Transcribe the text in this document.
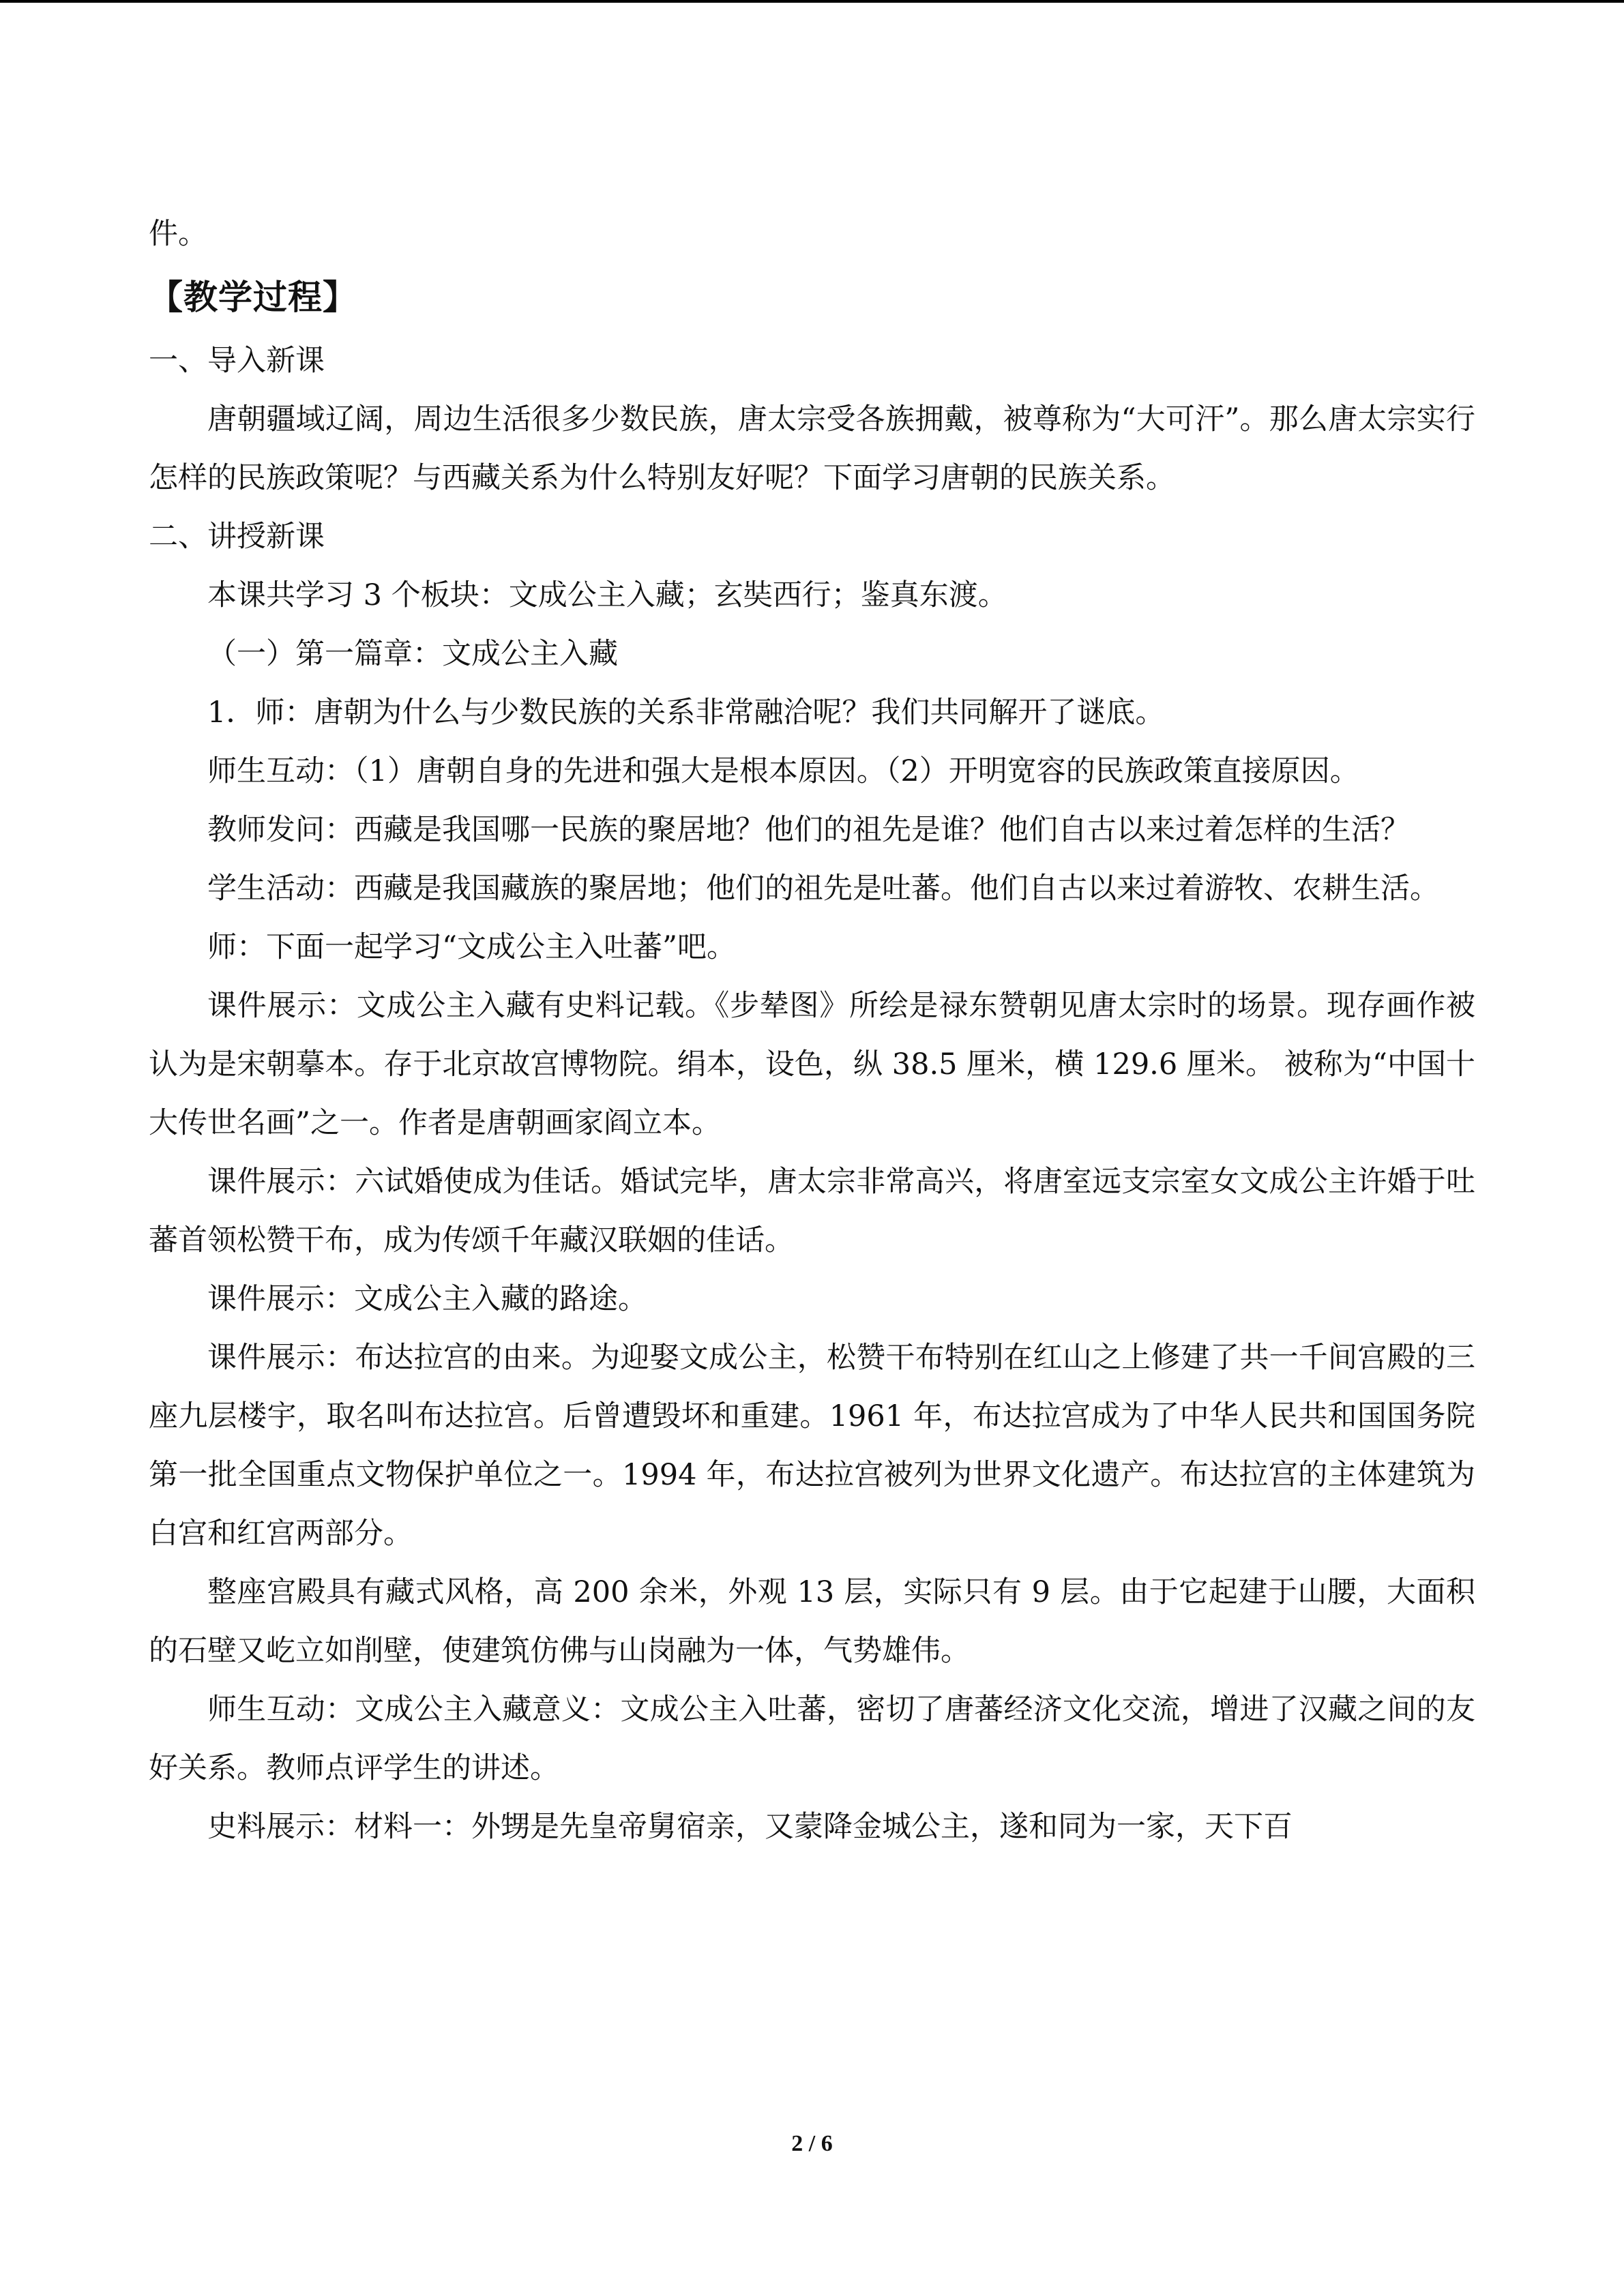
件。

【教学过程】

一、导入新课

唐朝疆域辽阔，周边生活很多少数民族，唐太宗受各族拥戴，被尊称为“大可汗”。那么唐太宗实行怎样的民族政策呢？与西藏关系为什么特别友好呢？下面学习唐朝的民族关系。

二、讲授新课

本课共学习 3 个板块：文成公主入藏；玄奘西行；鉴真东渡。

（一）第一篇章：文成公主入藏

1．师：唐朝为什么与少数民族的关系非常融洽呢？我们共同解开了谜底。

师生互动：（1）唐朝自身的先进和强大是根本原因。（2）开明宽容的民族政策直接原因。

教师发问：西藏是我国哪一民族的聚居地？他们的祖先是谁？他们自古以来过着怎样的生活？

学生活动：西藏是我国藏族的聚居地；他们的祖先是吐蕃。他们自古以来过着游牧、农耕生活。

师：下面一起学习“文成公主入吐蕃”吧。

课件展示：文成公主入藏有史料记载。《步辇图》所绘是禄东赞朝见唐太宗时的场景。现存画作被认为是宋朝摹本。存于北京故宫博物院。绢本，设色，纵 38.5 厘米，横 129.6 厘米。 被称为“中国十大传世名画”之一。作者是唐朝画家阎立本。

课件展示：六试婚使成为佳话。婚试完毕，唐太宗非常高兴，将唐室远支宗室女文成公主许婚于吐蕃首领松赞干布，成为传颂千年藏汉联姻的佳话。

课件展示：文成公主入藏的路途。

课件展示：布达拉宫的由来。为迎娶文成公主，松赞干布特别在红山之上修建了共一千间宫殿的三座九层楼宇，取名叫布达拉宫。后曾遭毁坏和重建。1961 年，布达拉宫成为了中华人民共和国国务院第一批全国重点文物保护单位之一。1994 年，布达拉宫被列为世界文化遗产。布达拉宫的主体建筑为白宫和红宫两部分。

整座宫殿具有藏式风格，高 200 余米，外观 13 层，实际只有 9 层。由于它起建于山腰，大面积的石壁又屹立如削壁，使建筑仿佛与山岗融为一体，气势雄伟。

师生互动：文成公主入藏意义：文成公主入吐蕃，密切了唐蕃经济文化交流，增进了汉藏之间的友好关系。教师点评学生的讲述。

史料展示：材料一：外甥是先皇帝舅宿亲，又蒙降金城公主，遂和同为一家，天下百

2 / 6
